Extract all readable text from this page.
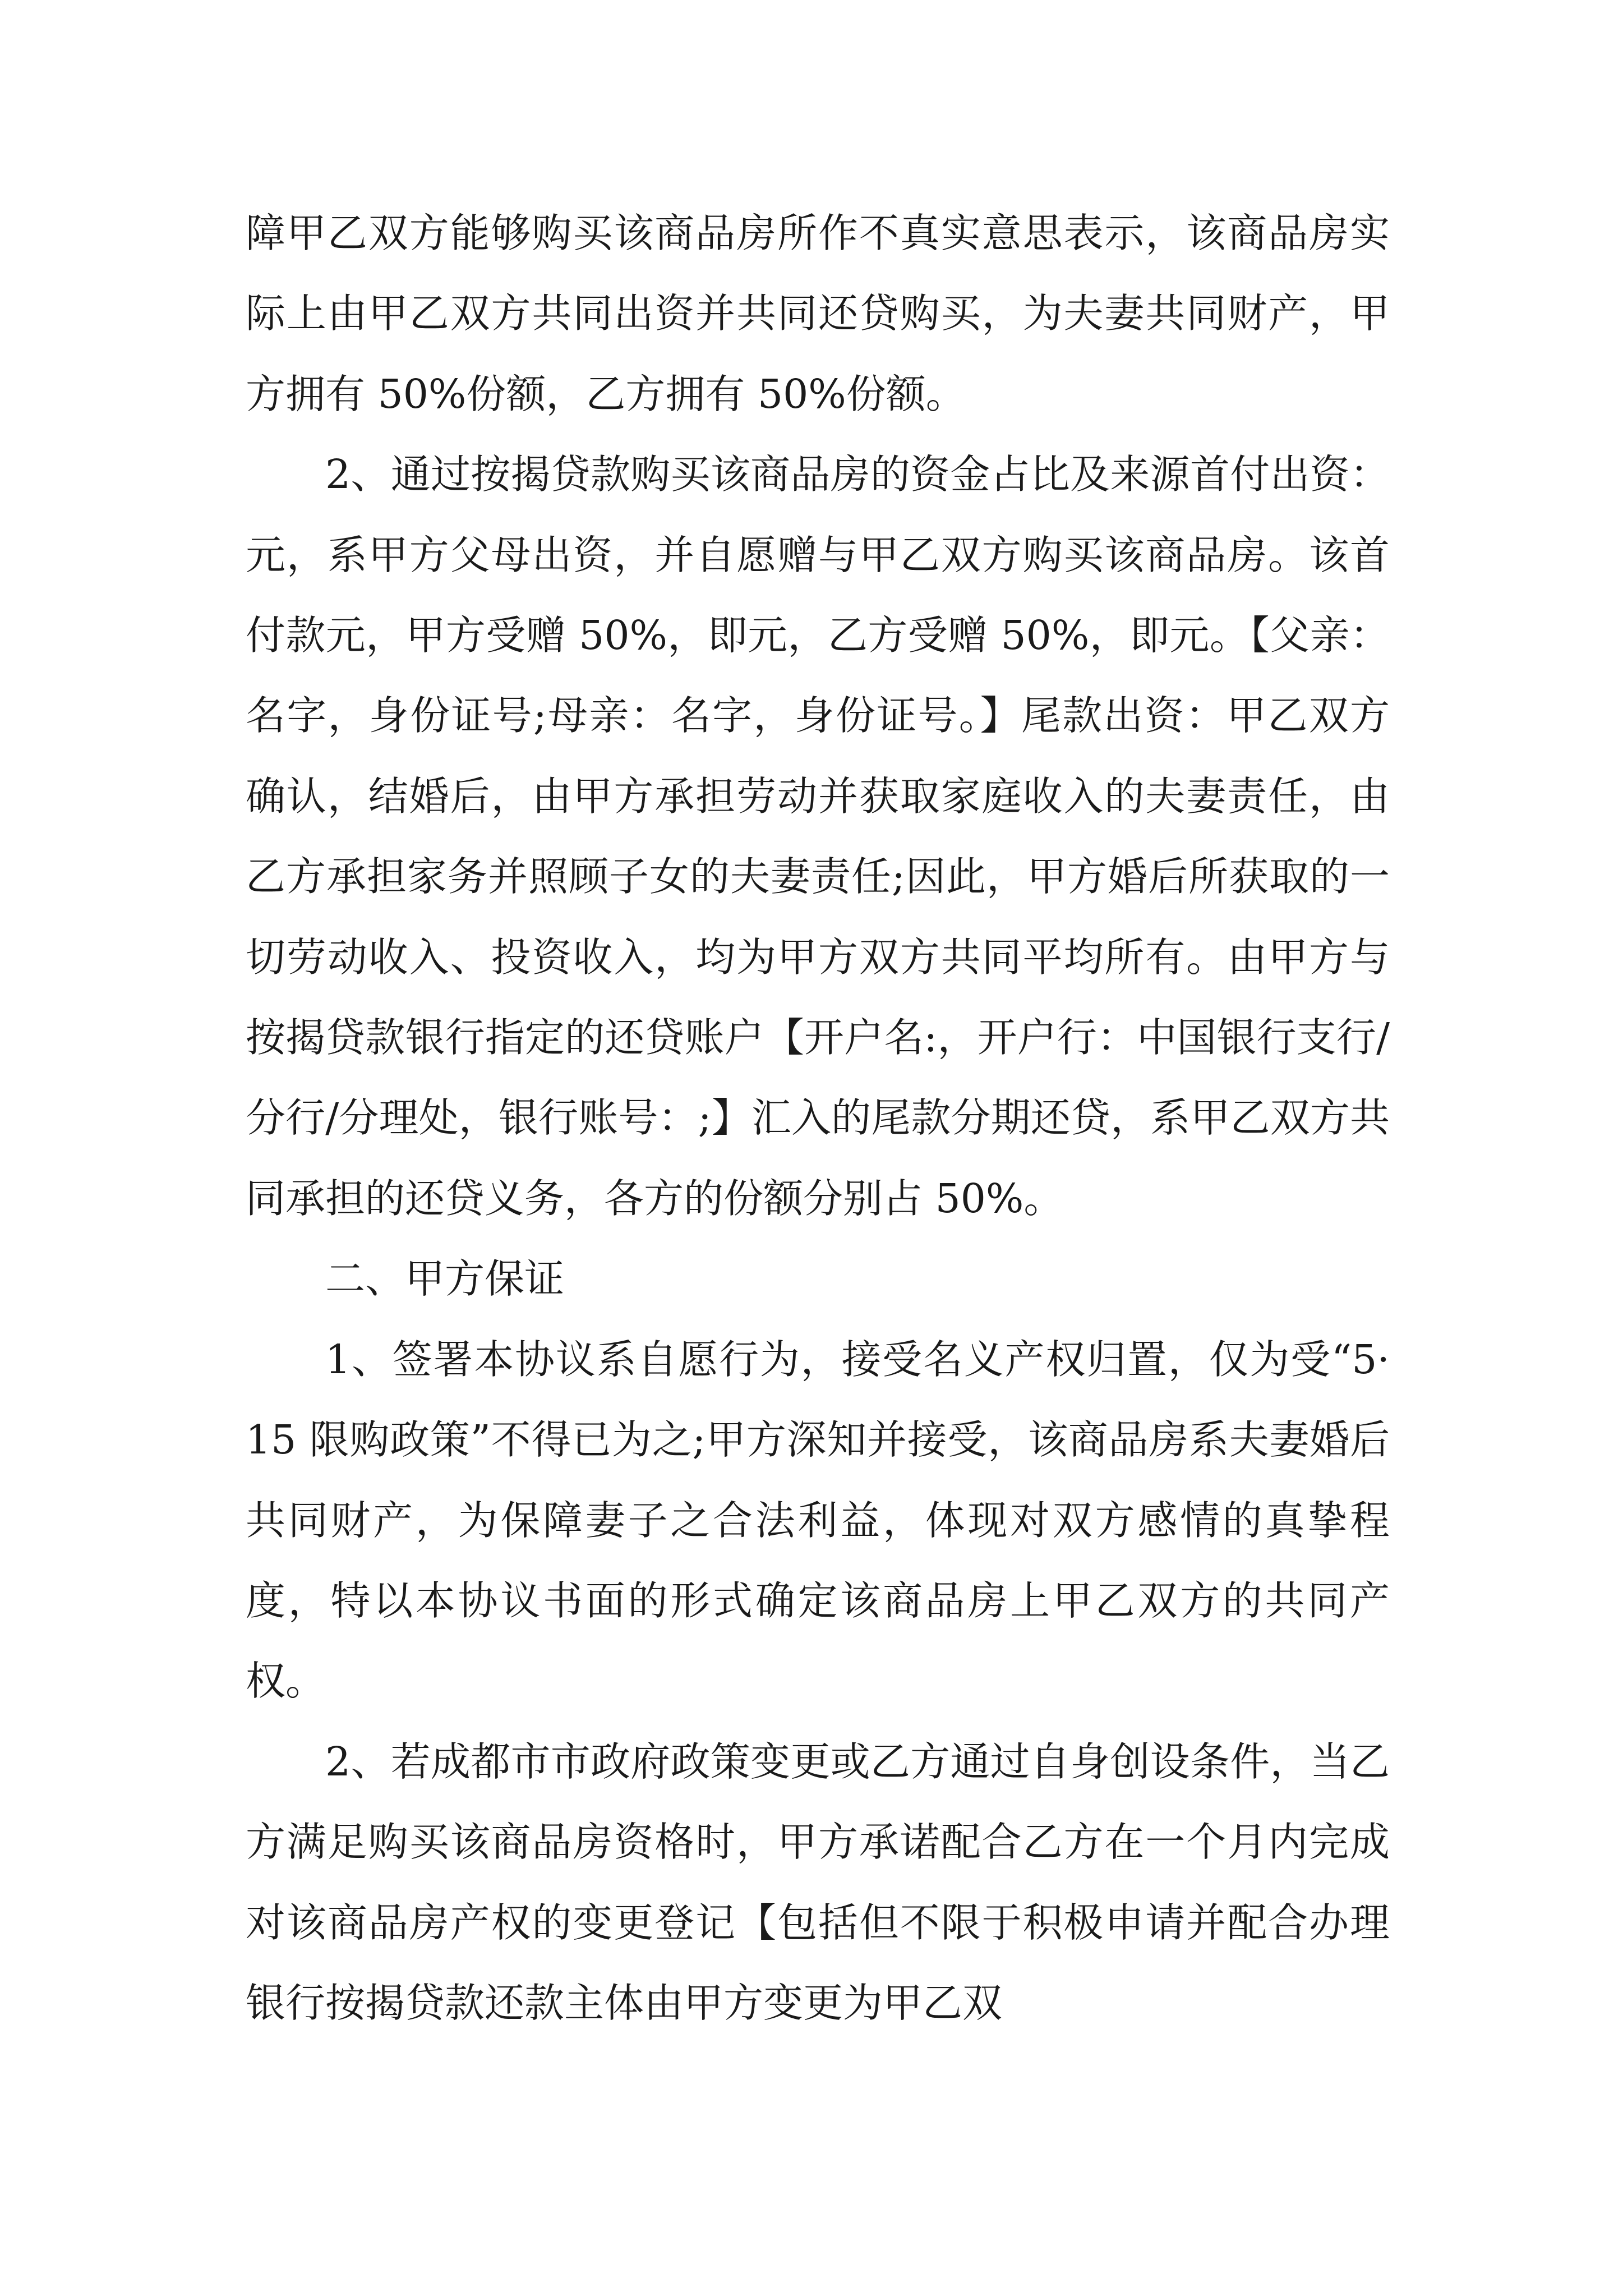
障甲乙双方能够购买该商品房所作不真实意思表示，该商品房实际上由甲乙双方共同出资并共同还贷购买，为夫妻共同财产，甲方拥有 50%份额，乙方拥有 50%份额。

2、通过按揭贷款购买该商品房的资金占比及来源首付出资：元，系甲方父母出资，并自愿赠与甲乙双方购买该商品房。该首付款元，甲方受赠 50%，即元，乙方受赠 50%，即元。【父亲：名字，身份证号;母亲：名字，身份证号。】尾款出资：甲乙双方确认，结婚后，由甲方承担劳动并获取家庭收入的夫妻责任，由乙方承担家务并照顾子女的夫妻责任;因此，甲方婚后所获取的一切劳动收入、投资收入，均为甲方双方共同平均所有。由甲方与按揭贷款银行指定的还贷账户【开户名:，开户行：中国银行支行/分行/分理处，银行账号：;】汇入的尾款分期还贷，系甲乙双方共同承担的还贷义务，各方的份额分别占 50%。

二、甲方保证

1、签署本协议系自愿行为，接受名义产权归置，仅为受“5·15 限购政策”不得已为之;甲方深知并接受，该商品房系夫妻婚后共同财产，为保障妻子之合法利益，体现对双方感情的真挚程度，特以本协议书面的形式确定该商品房上甲乙双方的共同产权。

2、若成都市市政府政策变更或乙方通过自身创设条件，当乙方满足购买该商品房资格时，甲方承诺配合乙方在一个月内完成对该商品房产权的变更登记【包括但不限于积极申请并配合办理银行按揭贷款还款主体由甲方变更为甲乙双
